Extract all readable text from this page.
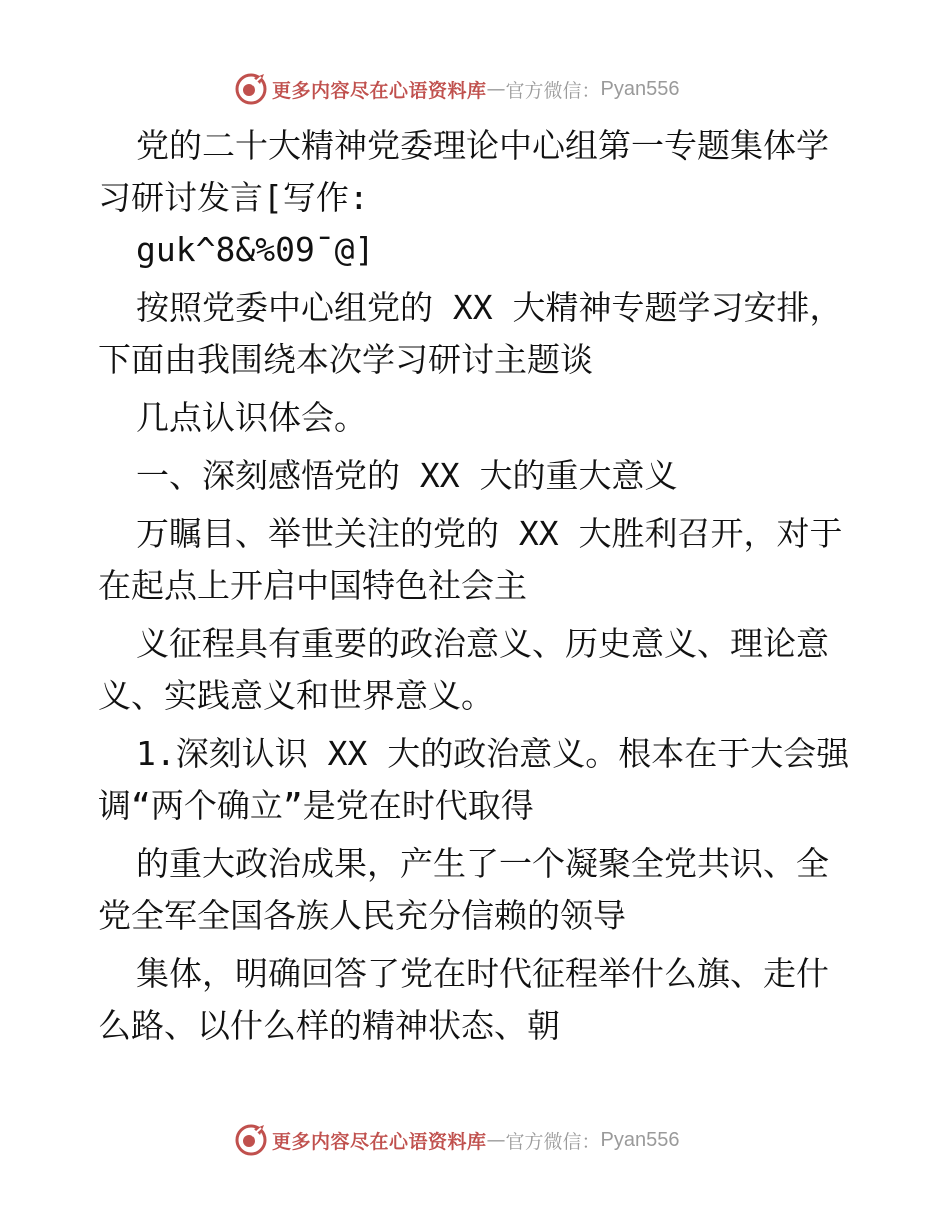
更多内容尽在心语资料库 — 官方微信： Pyan556
党的二十大精神党委理论中心组第一专题集体学
习研讨发言[写作:
guk^8&%09¯@]
按照党委中心组党的 XX 大精神专题学习安排，
下面由我围绕本次学习研讨主题谈
几点认识体会。
一、深刻感悟党的 XX 大的重大意义
万瞩目、举世关注的党的 XX 大胜利召开，对于
在起点上开启中国特色社会主
义征程具有重要的政治意义、历史意义、理论意
义、实践意义和世界意义。
1.深刻认识 XX 大的政治意义。根本在于大会强
调“两个确立”是党在时代取得
的重大政治成果，产生了一个凝聚全党共识、全
党全军全国各族人民充分信赖的领导
集体，明确回答了党在时代征程举什么旗、走什
么路、以什么样的精神状态、朝
更多内容尽在心语资料库 — 官方微信： Pyan556
